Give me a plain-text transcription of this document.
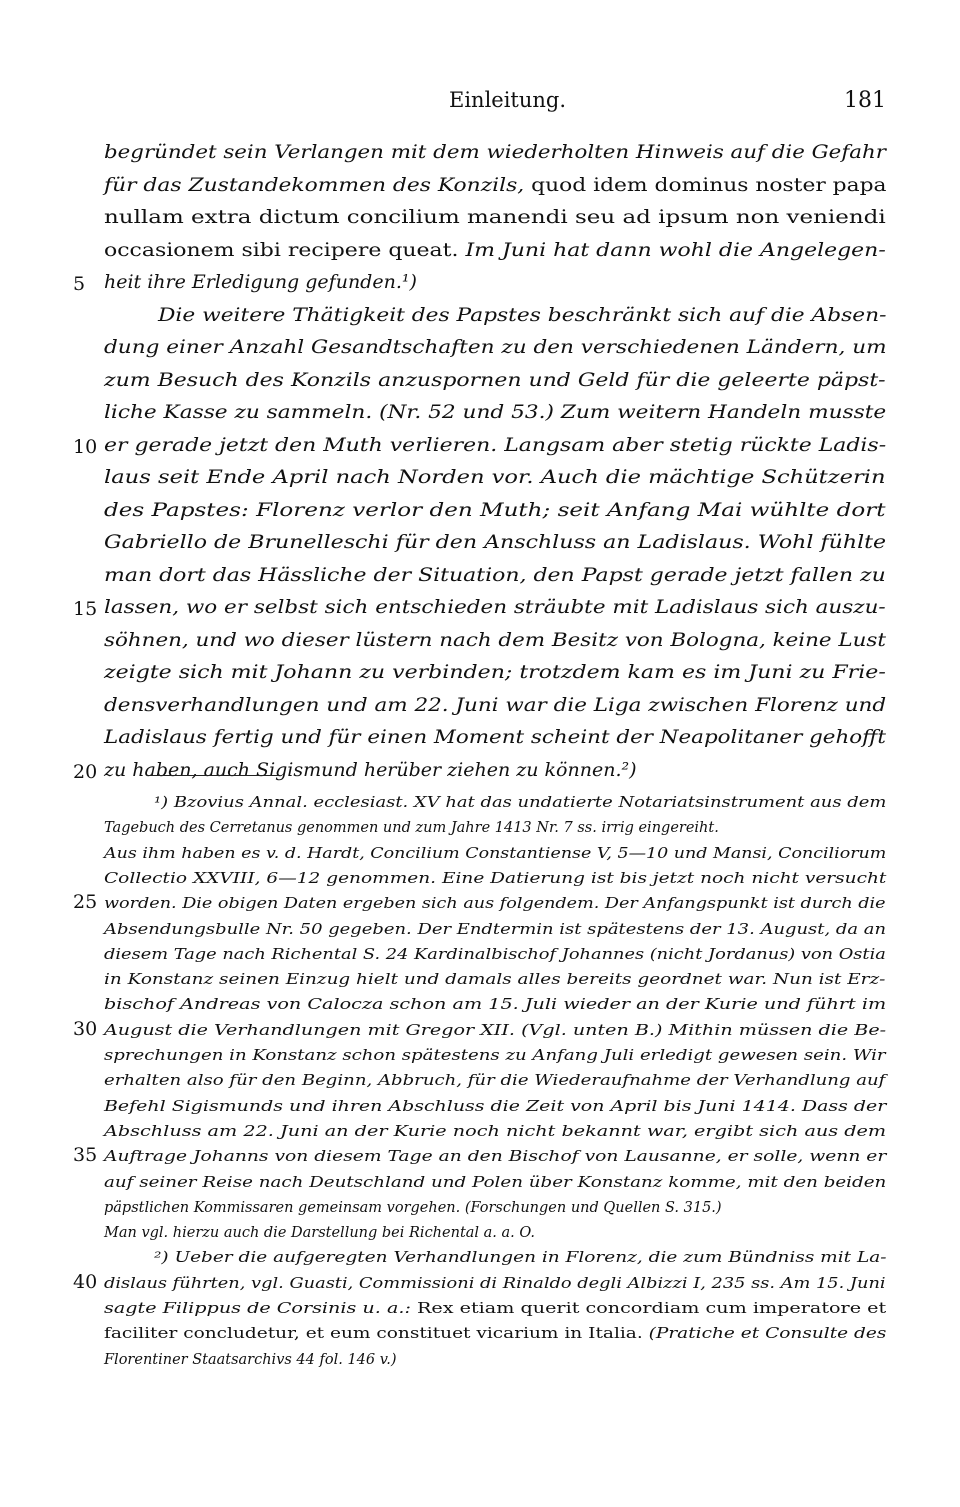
Einleitung.	181
begründet sein Verlangen mit dem wiederholten Hinweis auf die Gefahr
für das Zustandekommen des Konzils, quod idem dominus noster papa
nullam extra dictum concilium manendi seu ad ipsum non veniendi
occasionem sibi recipere queat. Im Juni hat dann wohl die Angelegen-
heit ihre Erledigung gefunden.¹)
5
Die weitere Thätigkeit des Papstes beschränkt sich auf die Absen-
dung einer Anzahl Gesandtschaften zu den verschiedenen Ländern, um
zum Besuch des Konzils anzuspornen und Geld für die geleerte päpst-
liche Kasse zu sammeln. (Nr. 52 und 53.) Zum weitern Handeln musste
er gerade jetzt den Muth verlieren. Langsam aber stetig rückte Ladis-
10
laus seit Ende April nach Norden vor. Auch die mächtige Schützerin
des Papstes: Florenz verlor den Muth; seit Anfang Mai wühlte dort
Gabriello de Brunelleschi für den Anschluss an Ladislaus. Wohl fühlte
man dort das Hässliche der Situation, den Papst gerade jetzt fallen zu
lassen, wo er selbst sich entschieden sträubte mit Ladislaus sich auszu-
15
söhnen, und wo dieser lüstern nach dem Besitz von Bologna, keine Lust
zeigte sich mit Johann zu verbinden; trotzdem kam es im Juni zu Frie-
densverhandlungen und am 22. Juni war die Liga zwischen Florenz und
Ladislaus fertig und für einen Moment scheint der Neapolitaner gehofft
zu haben, auch Sigismund herüber ziehen zu können.²)
20
¹) Bzovius Annal. ecclesiast. XV hat das undatierte Notariatsinstrument aus dem
Tagebuch des Cerretanus genommen und zum Jahre 1413 Nr. 7 ss. irrig eingereiht.
Aus ihm haben es v. d. Hardt, Concilium Constantiense V, 5—10 und Mansi, Conciliorum
Collectio XXVIII, 6—12 genommen. Eine Datierung ist bis jetzt noch nicht versucht
worden. Die obigen Daten ergeben sich aus folgendem. Der Anfangspunkt ist durch die
25
Absendungsbulle Nr. 50 gegeben. Der Endtermin ist spätestens der 13. August, da an
diesem Tage nach Richental S. 24 Kardinalbischof Johannes (nicht Jordanus) von Ostia
in Konstanz seinen Einzug hielt und damals alles bereits geordnet war. Nun ist Erz-
bischof Andreas von Calocza schon am 15. Juli wieder an der Kurie und führt im
August die Verhandlungen mit Gregor XII. (Vgl. unten B.) Mithin müssen die Be-
30
sprechungen in Konstanz schon spätestens zu Anfang Juli erledigt gewesen sein. Wir
erhalten also für den Beginn, Abbruch, für die Wiederaufnahme der Verhandlung auf
Befehl Sigismunds und ihren Abschluss die Zeit von April bis Juni 1414. Dass der
Abschluss am 22. Juni an der Kurie noch nicht bekannt war, ergibt sich aus dem
Auftrage Johanns von diesem Tage an den Bischof von Lausanne, er solle, wenn er
35
auf seiner Reise nach Deutschland und Polen über Konstanz komme, mit den beiden
päpstlichen Kommissaren gemeinsam vorgehen. (Forschungen und Quellen S. 315.)
Man vgl. hierzu auch die Darstellung bei Richental a. a. O.
²) Ueber die aufgeregten Verhandlungen in Florenz, die zum Bündniss mit La-
dislaus führten, vgl. Guasti, Commissioni di Rinaldo degli Albizzi I, 235 ss. Am 15. Juni
40
sagte Filippus de Corsinis u. a.: Rex etiam querit concordiam cum imperatore et
faciliter concludetur, et eum constituet vicarium in Italia. (Pratiche et Consulte des
Florentiner Staatsarchivs 44 fol. 146 v.)
